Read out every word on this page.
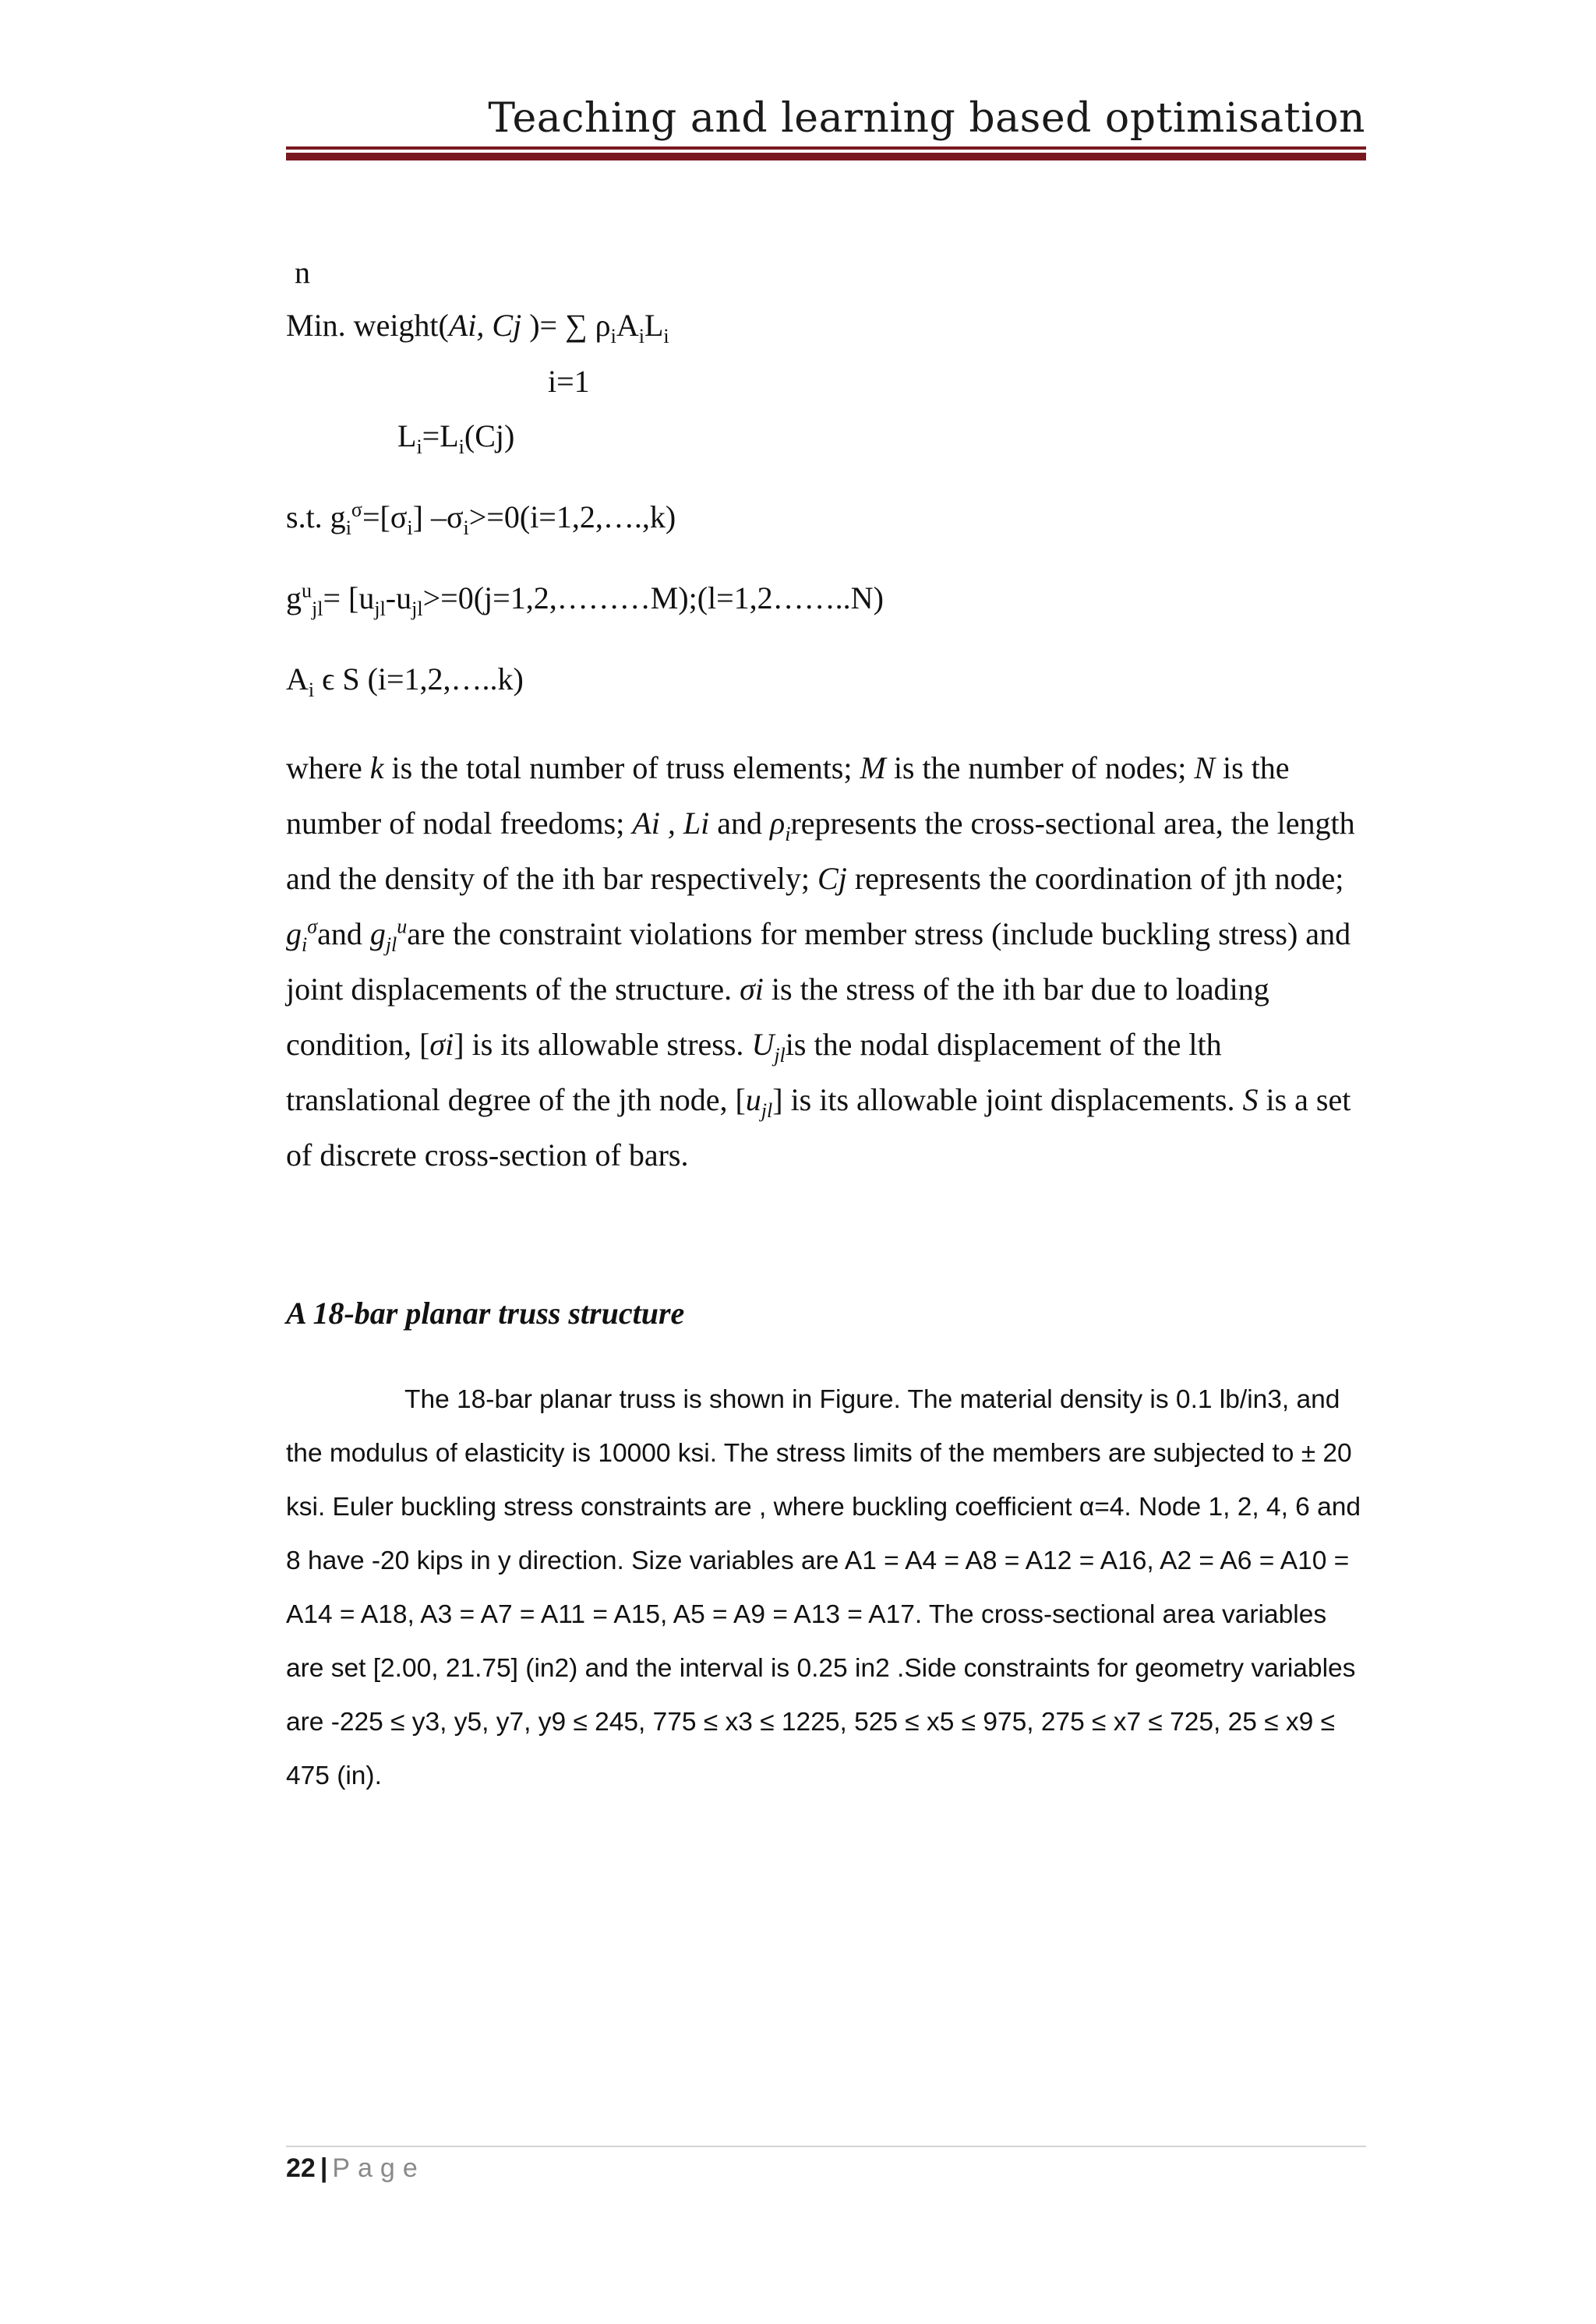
Teaching and learning based optimisation
n
Min. weight(Ai, Cj )= ∑ $\rho_iA_iL_i$
i=1
$L_i=L_i(Cj)$
s.t. $g_i^\sigma=[\sigma_i]$ $-\sigma_i>=0(i=1,2,\dots.,k)$
$g^u_{jl}=$ [$u_{jl}-u_{jl}>=0(j=1,2,\dots\dots\dots M);(l=1,2\dots\dots..N)$
$A_i$ ϵ S (i=1,2,…..k)

where k is the total number of truss elements; M is the number of nodes; N is the number of nodal freedoms; Ai , Li and $\rho_irepresents$ the cross-sectional area, the length and the density of the ith bar respectively; Cj represents the coordination of jth node; $g_i^\sigma and$ $g_{jl}^uare$ the constraint violations for member stress (include buckling stress) and joint displacements of the structure. σi is the stress of the ith bar due to loading condition, [σi] is its allowable stress. $U_{jl}is$ the nodal displacement of the lth translational degree of the jth node, $[u_{jl}]$ is its allowable joint displacements. S is a set of discrete cross-section of bars.

A 18-bar planar truss structure

The 18-bar planar truss is shown in Figure. The material density is 0.1 lb/in3, and the modulus of elasticity is 10000 ksi. The stress limits of the members are subjected to ± 20 ksi. Euler buckling stress constraints are , where buckling coefficient α=4. Node 1, 2, 4, 6 and 8 have -20 kips in y direction. Size variables are A1 = A4 = A8 = A12 = A16, A2 = A6 = A10 = A14 = A18, A3 = A7 = A11 = A15, A5 = A9 = A13 = A17. The cross-sectional area variables are set [2.00, 21.75] (in2) and the interval is 0.25 in2 .Side constraints for geometry variables are -225 ≤ y3, y5, y7, y9 ≤ 245, 775 ≤ x3 ≤ 1225, 525 ≤ x5 ≤ 975, 275 ≤ x7 ≤ 725, 25 ≤ x9 ≤ 475 (in).

22 | Page
